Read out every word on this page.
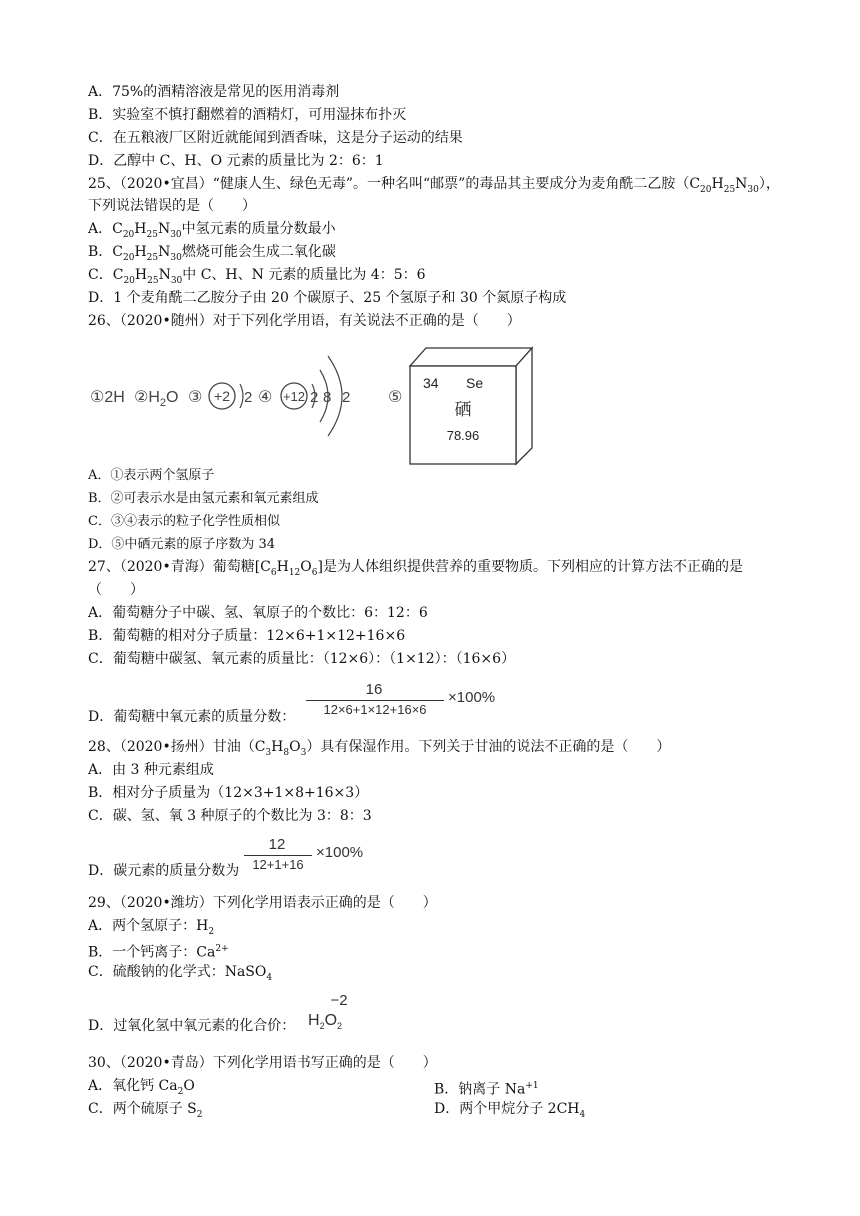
A．75%的酒精溶液是常见的医用消毒剂
B．实验室不慎打翻燃着的酒精灯，可用湿抹布扑灭
C．在五粮液厂区附近就能闻到酒香味，这是分子运动的结果
D．乙醇中 C、H、O 元素的质量比为 2：6：1
25、（2020•宜昌）“健康人生、绿色无毒”。一种名叫“邮票”的毒品其主要成分为麦角酰二乙胺$(C_{20}H_{25}N_{30})$，
下列说法错误的是（　　）
A．$C_{20}H_{25}N_{30}$中氢元素的质量分数最小
B．$C_{20}H_{25}N_{30}$燃烧可能会生成二氧化碳
C．$C_{20}H_{25}N_{30}$中 C、H、N 元素的质量比为 4：5：6
D．1 个麦角酰二乙胺分子由 20 个碳原子、25 个氢原子和 30 个氮原子构成
26、（2020•随州）对于下列化学用语，有关说法不正确的是（　　）
①2H $②H_2O$ ③ +2 2 ④ +12 2 8 2 ⑤
34 Se
硒
78.96
A．①表示两个氢原子
B．②可表示水是由氢元素和氧元素组成
C．③④表示的粒子化学性质相似
D．⑤中硒元素的原子序数为 34
27、（2020•青海）葡萄糖$[C_6H_{12}O_6]$是为人体组织提供营养的重要物质。下列相应的计算方法不正确的是
（　　）
A．葡萄糖分子中碳、氢、氧原子的个数比：6：12：6
B．葡萄糖的相对分子质量：12×6+1×12+16×6
C．葡萄糖中碳氢、氧元素的质量比：（12×6）：（1×12）：（16×6）
D．葡萄糖中氧元素的质量分数：
16
12×6+1×12+16×6
×100%
28、（2020•扬州）甘油$(C_3H_8O_3)$具有保湿作用。下列关于甘油的说法不正确的是（　　）
A．由 3 种元素组成
B．相对分子质量为（12×3+1×8+16×3）
C．碳、氢、氧 3 种原子的个数比为 3：8：3
D．碳元素的质量分数为
12
12+1+16
×100%
29、（2020•潍坊）下列化学用语表示正确的是（　　）
A．两个氢原子：$H_2$
B．一个钙离子：$Ca^{2+}$
C．硫酸钠的化学式：NaSO$_4$
D．过氧化氢中氧元素的化合价：
−2
$H_2O_2$
30、（2020•青岛）下列化学用语书写正确的是（　　）
A．氧化钙 $Ca_2O$	B．钠离子 $Na^{+1}$
C．两个硫原子 $S_2$	D．两个甲烷分子 $2CH_4$
